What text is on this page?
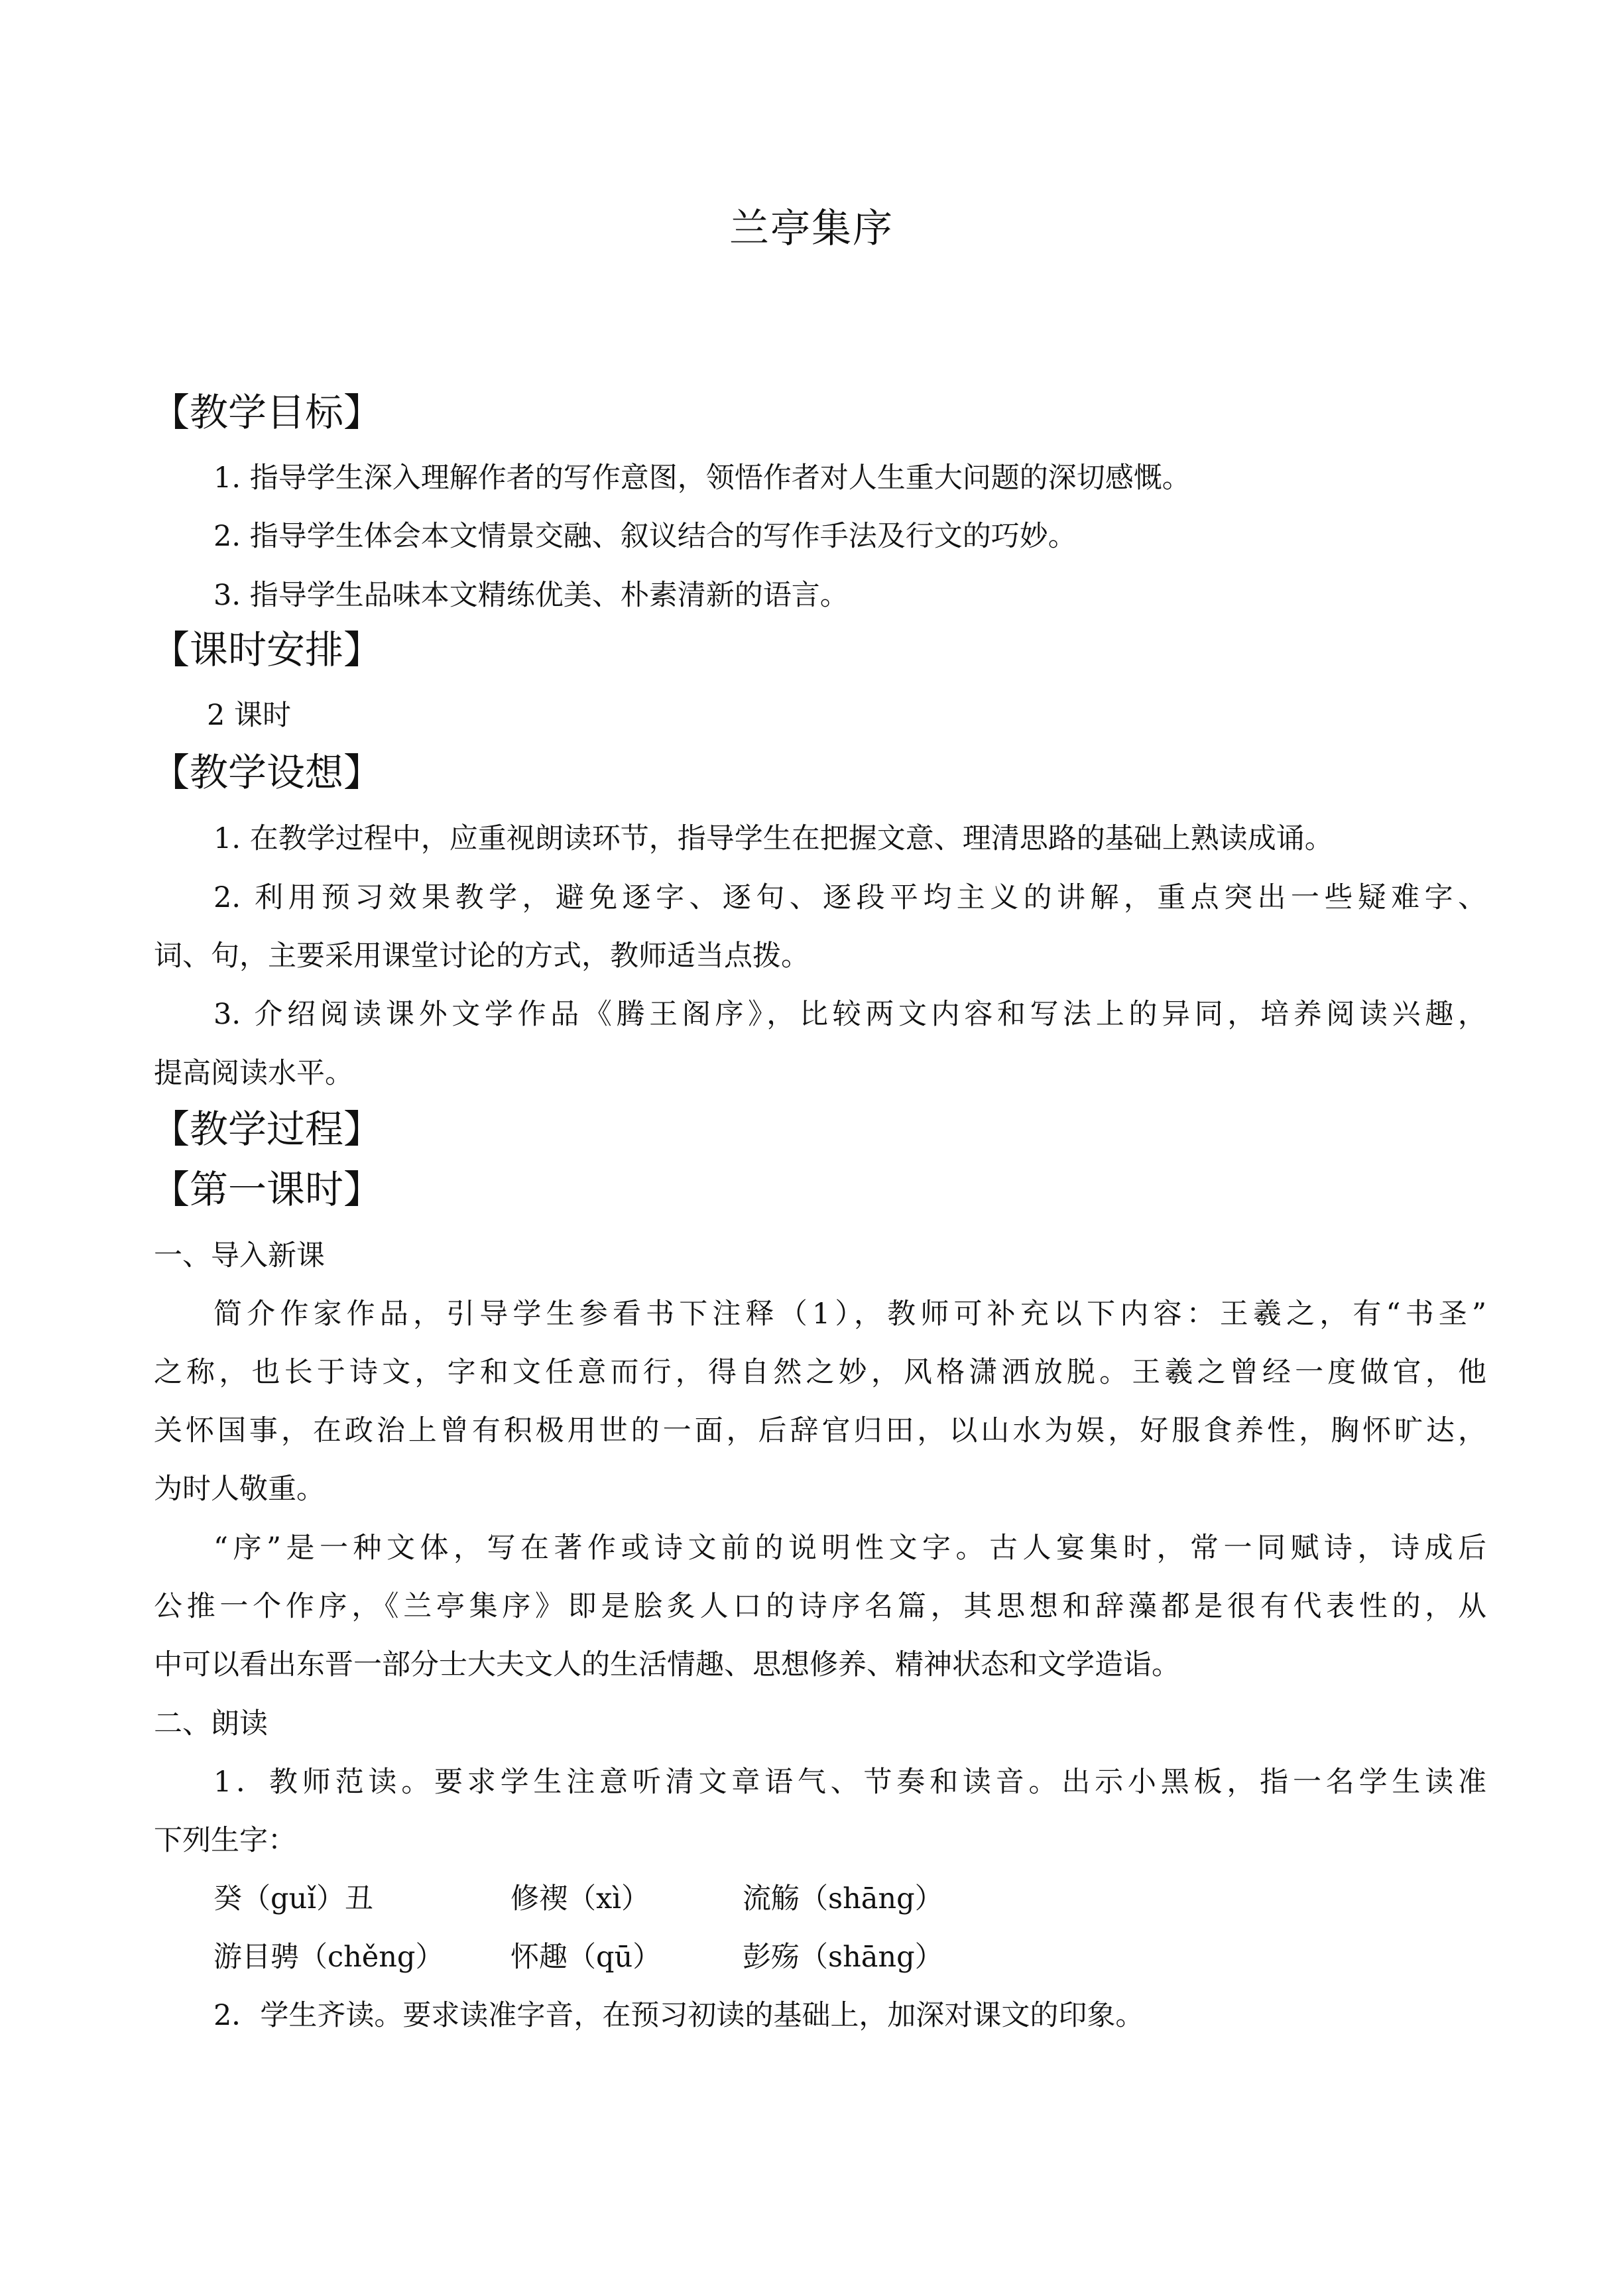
兰亭集序
【教学目标】
1. 指导学生深入理解作者的写作意图，领悟作者对人生重大问题的深切感慨。
2. 指导学生体会本文情景交融、叙议结合的写作手法及行文的巧妙。
3. 指导学生品味本文精练优美、朴素清新的语言。
【课时安排】
2 课时
【教学设想】
1. 在教学过程中，应重视朗读环节，指导学生在把握文意、理清思路的基础上熟读成诵。
2. 利用预习效果教学，避免逐字、逐句、逐段平均主义的讲解，重点突出一些疑难字、
词、句，主要采用课堂讨论的方式，教师适当点拨。
3. 介绍阅读课外文学作品《腾王阁序》，比较两文内容和写法上的异同，培养阅读兴趣，
提高阅读水平。
【教学过程】
【第一课时】
一、导入新课
简介作家作品，引导学生参看书下注释（1），教师可补充以下内容：王羲之，有“书圣”
之称，也长于诗文，字和文任意而行，得自然之妙，风格潇洒放脱。王羲之曾经一度做官，他
关怀国事，在政治上曾有积极用世的一面，后辞官归田，以山水为娱，好服食养性，胸怀旷达，
为时人敬重。
“序”是一种文体，写在著作或诗文前的说明性文字。古人宴集时，常一同赋诗，诗成后
公推一个作序，《兰亭集序》即是脍炙人口的诗序名篇，其思想和辞藻都是很有代表性的，从
中可以看出东晋一部分士大夫文人的生活情趣、思想修养、精神状态和文学造诣。
二、朗读
1．教师范读。要求学生注意听清文章语气、节奏和读音。出示小黑板，指一名学生读准
下列生字：
癸（guǐ）丑	修禊（xì）	流觞（shāng）
游目骋（chěng） 怀趣（qū）	彭殇（shāng）
2．学生齐读。要求读准字音，在预习初读的基础上，加深对课文的印象。
